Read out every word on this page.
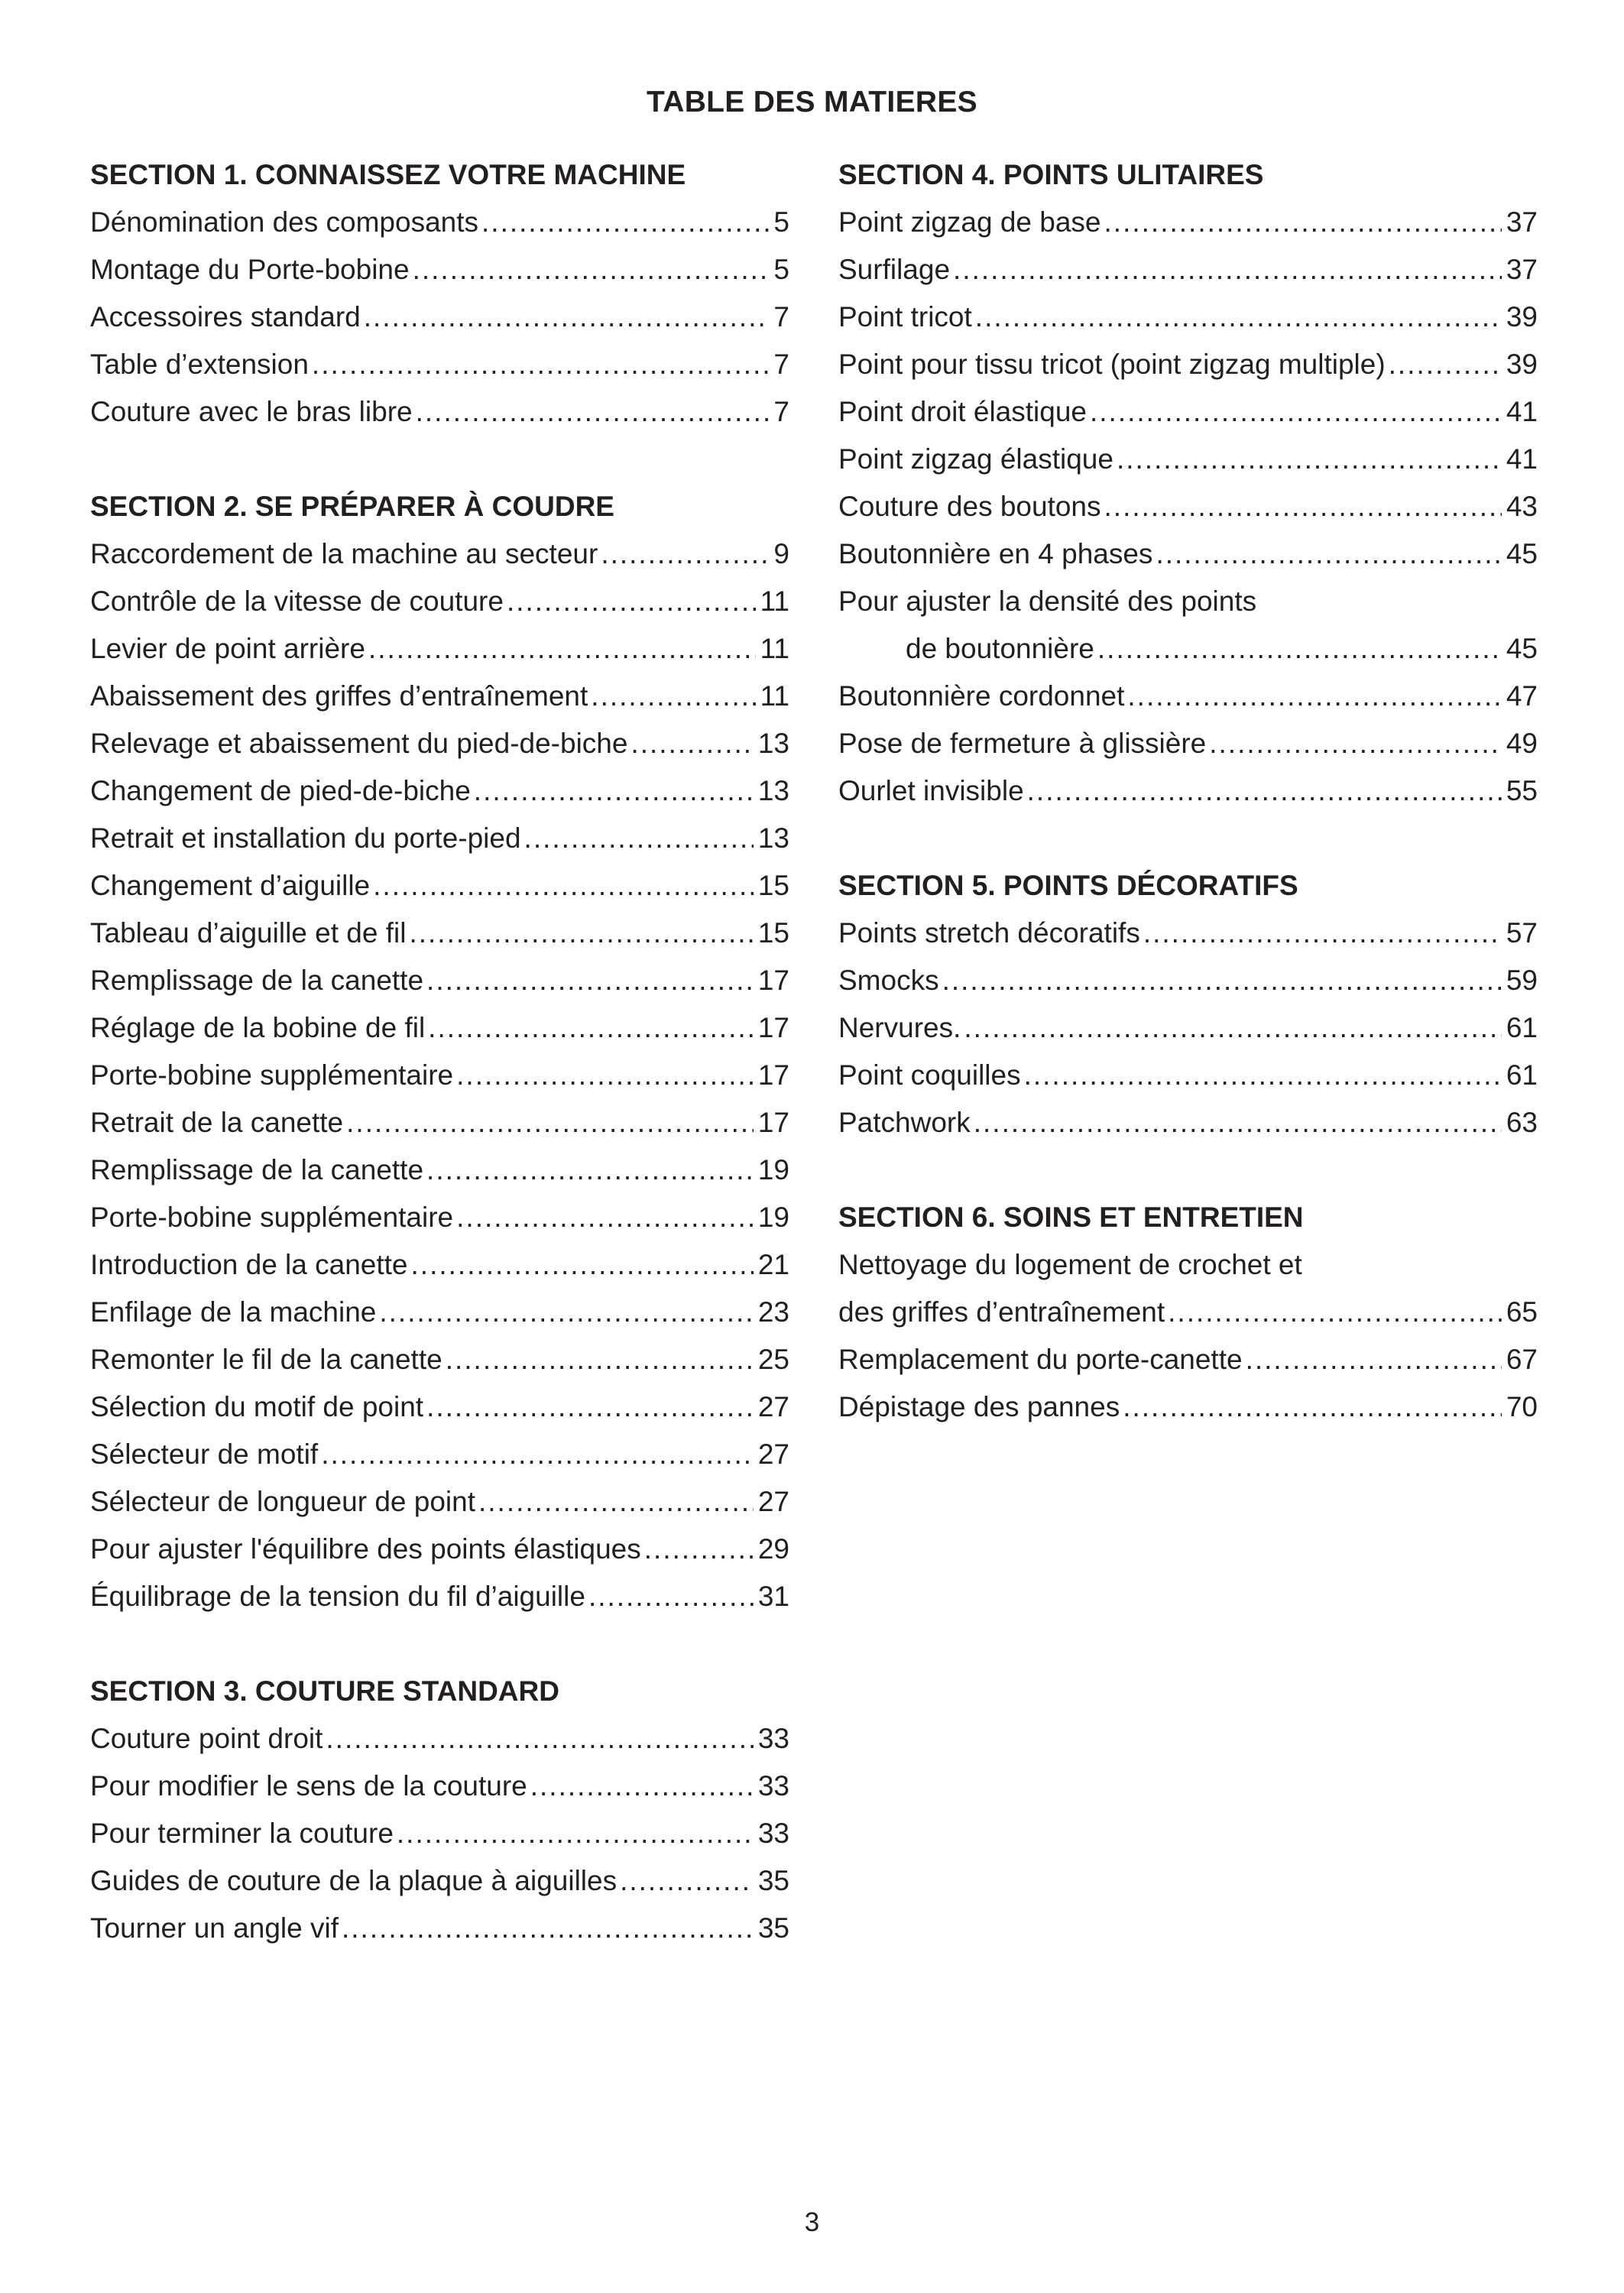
TABLE DES MATIERES
SECTION 1. CONNAISSEZ VOTRE MACHINE
Dénomination des composants .....	5
Montage du Porte-bobine .....	5
Accessoires standard .....	7
Table d’extension .....	7
Couture avec le bras libre .....	7
SECTION 2. SE PRÉPARER À COUDRE
Raccordement de la machine au secteur .....	9
Contrôle de la vitesse de couture .....	11
Levier de point arrière .....	11
Abaissement des griffes d’entraînement .....	11
Relevage et abaissement du pied-de-biche .....	13
Changement de pied-de-biche .....	13
Retrait et installation du porte-pied .....	13
Changement d’aiguille .....	15
Tableau d’aiguille et de fil .....	15
Remplissage de la canette .....	17
Réglage de la bobine de fil .....	17
Porte-bobine supplémentaire .....	17
Retrait de la canette .....	17
Remplissage de la canette .....	19
Porte-bobine supplémentaire .....	19
Introduction de la canette .....	21
Enfilage de la machine .....	23
Remonter le fil de la canette .....	25
Sélection du motif de point .....	27
Sélecteur de motif .....	27
Sélecteur de longueur de point .....	27
Pour ajuster l'équilibre des points élastiques .....	29
Équilibrage de la tension du fil d’aiguille .....	31
SECTION 3. COUTURE STANDARD
Couture point droit .....	33
Pour modifier le sens de la couture .....	33
Pour terminer la couture .....	33
Guides de couture de la plaque à aiguilles .....	35
Tourner un angle vif .....	35
SECTION 4. POINTS ULITAIRES
Point zigzag de base .....	37
Surfilage .....	37
Point tricot .....	39
Point pour tissu tricot (point zigzag multiple) .....	39
Point droit élastique .....	41
Point zigzag élastique .....	41
Couture des boutons .....	43
Boutonnière en 4 phases .....	45
Pour ajuster la densité des points
de boutonnière .....	45
Boutonnière cordonnet .....	47
Pose de fermeture à glissière .....	49
Ourlet invisible .....	55
SECTION 5. POINTS DÉCORATIFS
Points stretch décoratifs .....	57
Smocks .....	59
Nervures. .....	61
Point coquilles .....	61
Patchwork .....	63
SECTION 6. SOINS ET ENTRETIEN
Nettoyage du logement de crochet et
des griffes d’entraînement .....	65
Remplacement du porte-canette .....	67
Dépistage des pannes .....	70
3
